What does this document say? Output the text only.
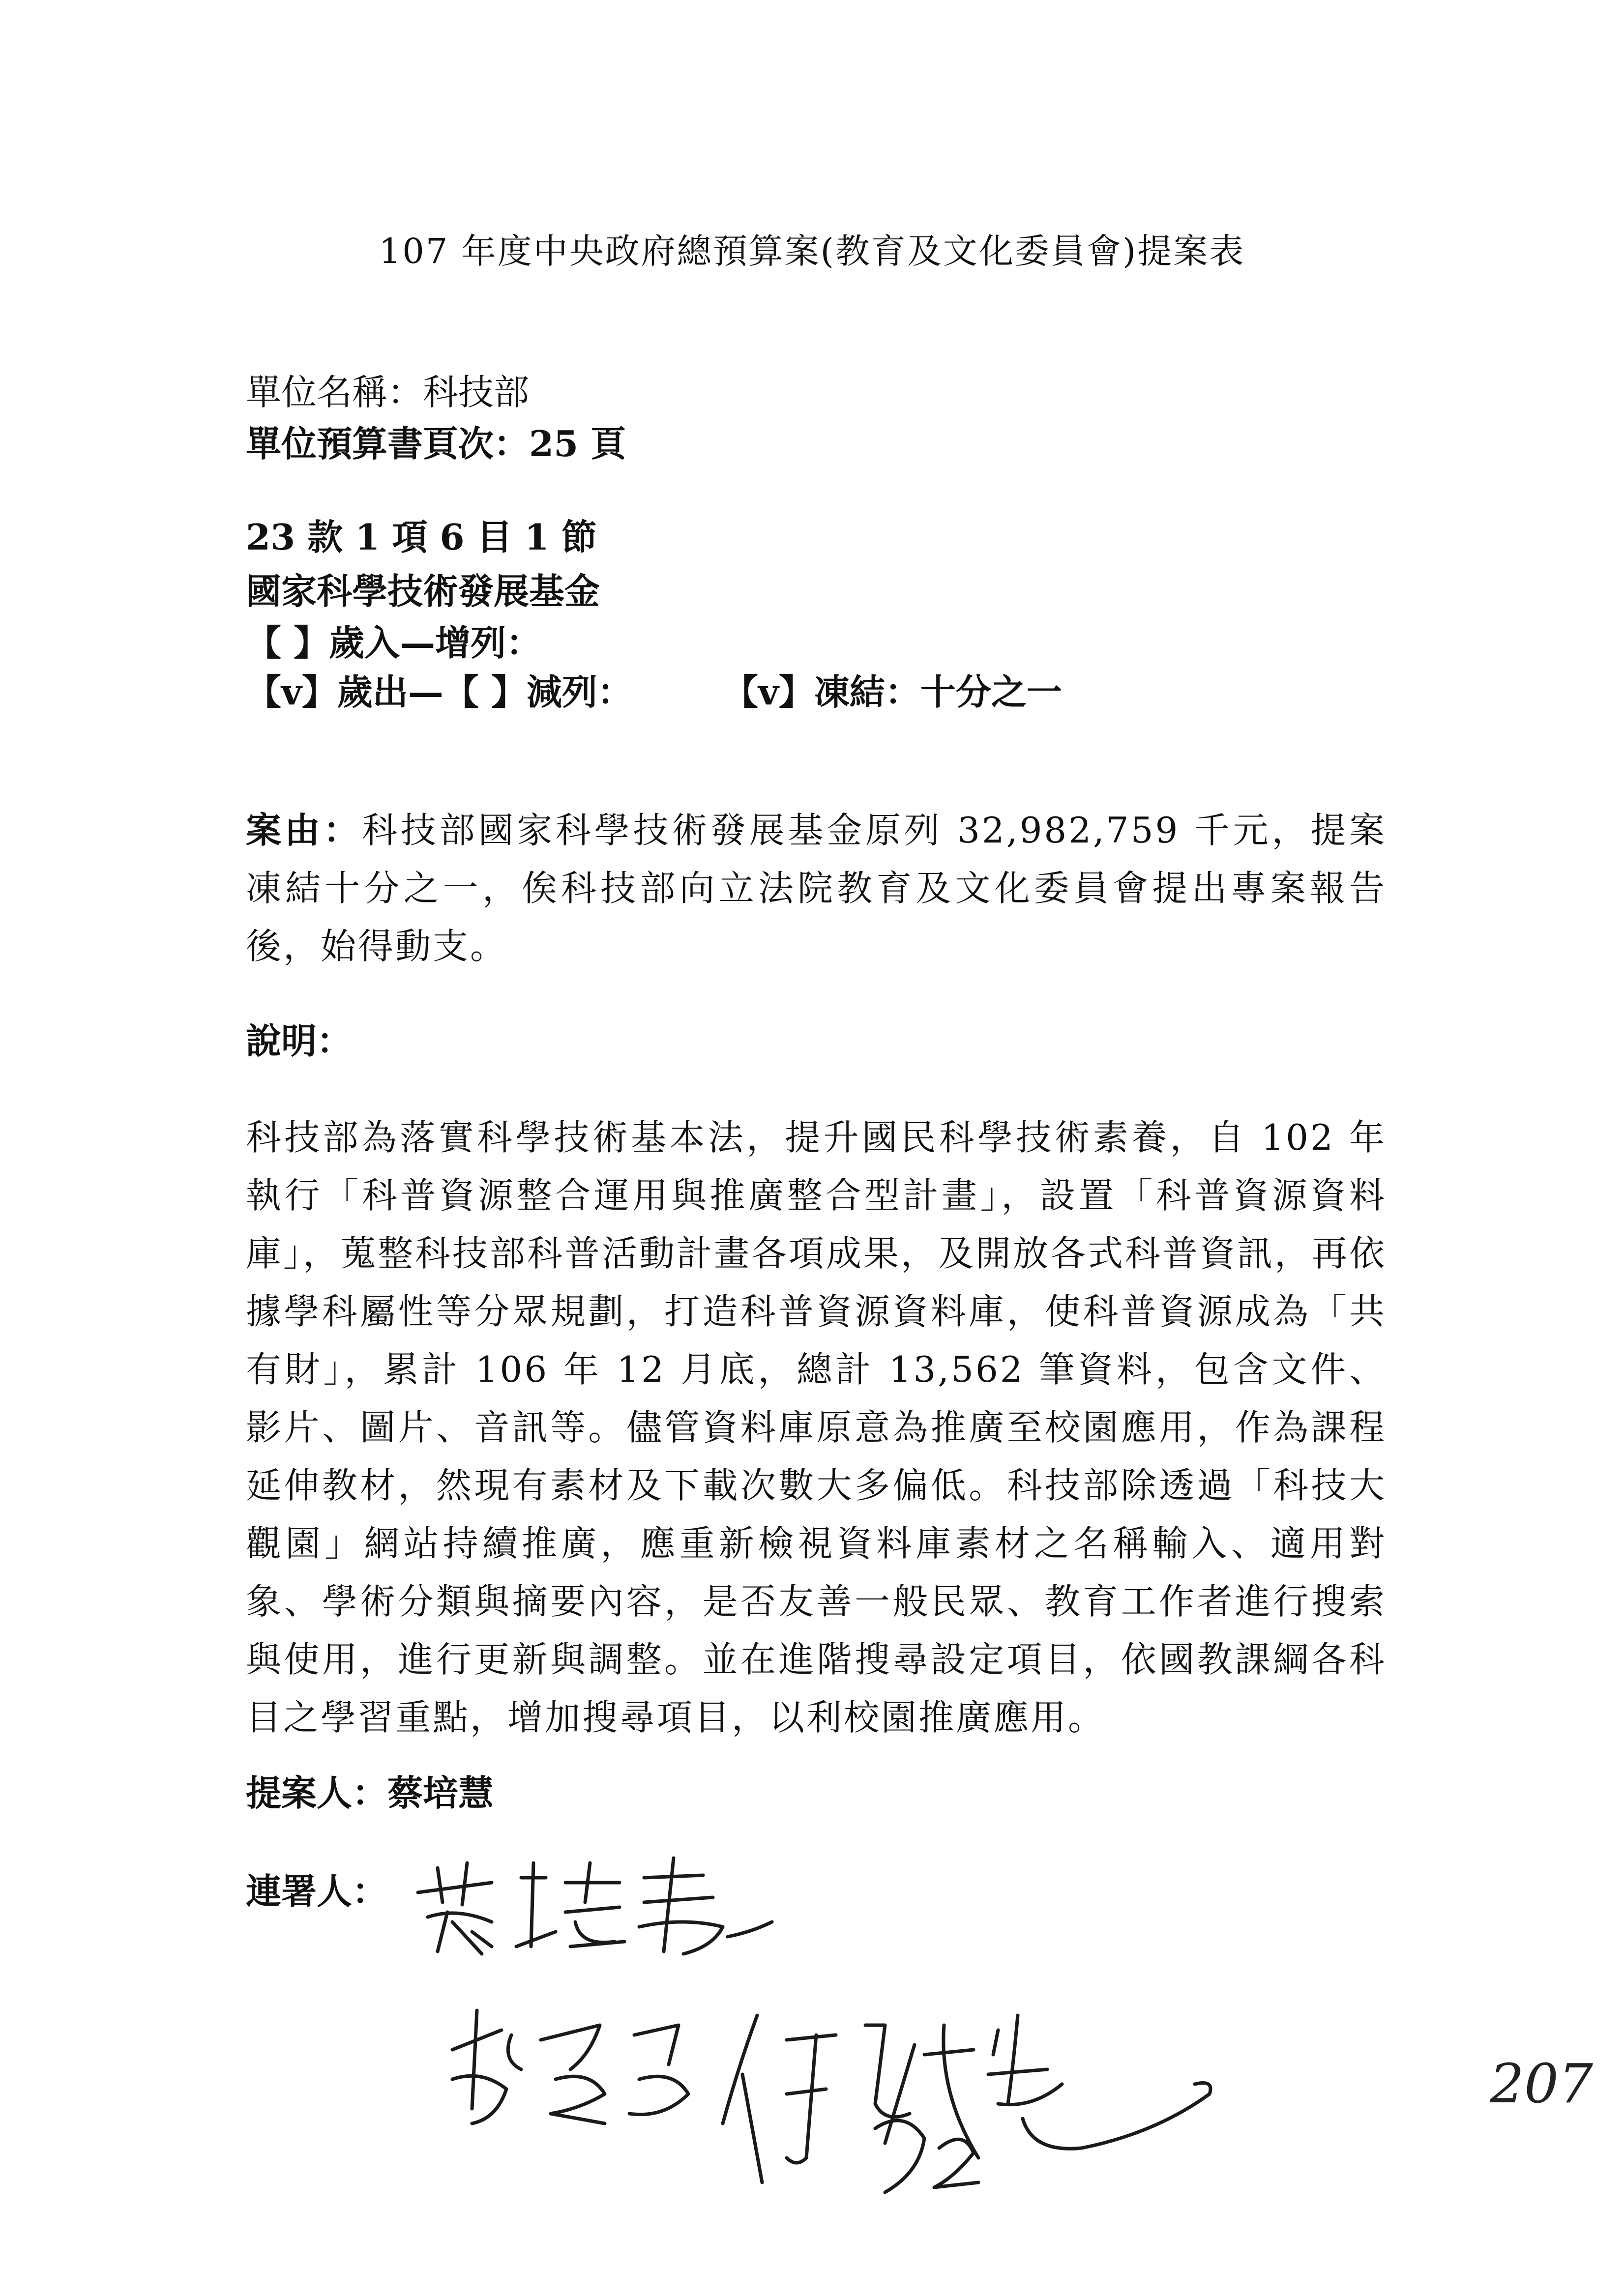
107 年度中央政府總預算案(教育及文化委員會)提案表
單位名稱：科技部
單位預算書頁次：25 頁
23 款 1 項 6 目 1 節
國家科學技術發展基金
【 】歲入—增列：
【v】歲出—【 】減列：	【v】凍結：十分之一
案由：科技部國家科學技術發展基金原列 32,982,759 千元，提案凍結十分之一，俟科技部向立法院教育及文化委員會提出專案報告後，始得動支。
說明：
科技部為落實科學技術基本法，提升國民科學技術素養，自 102 年執行「科普資源整合運用與推廣整合型計畫」，設置「科普資源資料庫」，蒐整科技部科普活動計畫各項成果，及開放各式科普資訊，再依據學科屬性等分眾規劃，打造科普資源資料庫，使科普資源成為「共有財」，累計 106 年 12 月底，總計 13,562 筆資料，包含文件、影片、圖片、音訊等。儘管資料庫原意為推廣至校園應用，作為課程延伸教材，然現有素材及下載次數大多偏低。科技部除透過「科技大觀園」網站持續推廣，應重新檢視資料庫素材之名稱輸入、適用對象、學術分類與摘要內容，是否友善一般民眾、教育工作者進行搜索與使用，進行更新與調整。並在進階搜尋設定項目，依國教課綱各科目之學習重點，增加搜尋項目，以利校園推廣應用。
提案人：蔡培慧
連署人：
207
